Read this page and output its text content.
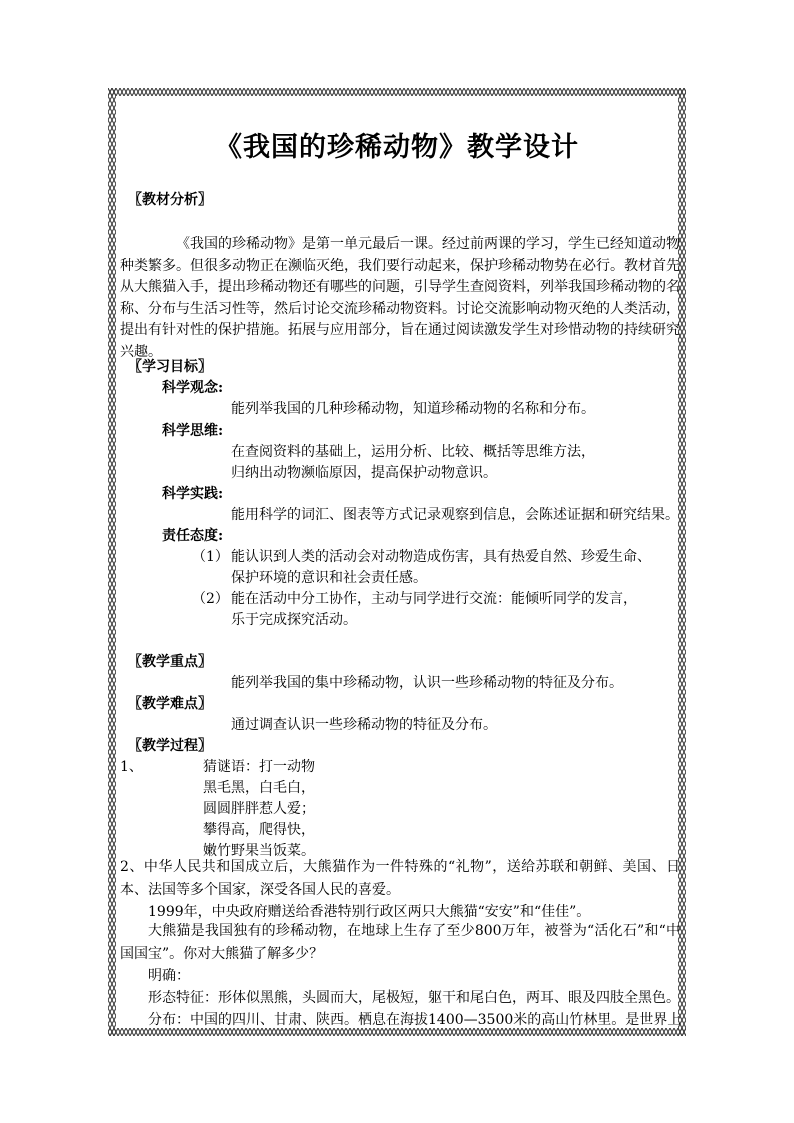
《我国的珍稀动物》教学设计
〖教材分析〗
《我国的珍稀动物》是第一单元最后一课。经过前两课的学习，学生已经知道动物种类繁多。但很多动物正在濒临灭绝，我们要行动起来，保护珍稀动物势在必行。教材首先从大熊猫入手，提出珍稀动物还有哪些的问题，引导学生查阅资料，列举我国珍稀动物的名称、分布与生活习性等，然后讨论交流珍稀动物资料。讨论交流影响动物灭绝的人类活动，提出有针对性的保护措施。拓展与应用部分，旨在通过阅读激发学生对珍惜动物的持续研究兴趣。
〖学习目标〗
科学观念:
能列举我国的几种珍稀动物，知道珍稀动物的名称和分布。
科学思维:
在查阅资料的基础上，运用分析、比较、概括等思维方法，
归纳出动物濒临原因，提高保护动物意识。
科学实践:
能用科学的词汇、图表等方式记录观察到信息，会陈述证据和研究结果。
责任态度:
（1） 能认识到人类的活动会对动物造成伤害，具有热爱自然、珍爱生命、
保护环境的意识和社会责任感。
（2） 能在活动中分工协作，主动与同学进行交流：能倾听同学的发言，
乐于完成探究活动。
〖教学重点〗
能列举我国的集中珍稀动物，认识一些珍稀动物的特征及分布。
〖教学难点〗
通过调查认识一些珍稀动物的特征及分布。
〖教学过程〗
1、	猜谜语：打一动物
黑毛黑，白毛白，
圆圆胖胖惹人爱；
攀得高，爬得快，
嫩竹野果当饭菜。
2、中华人民共和国成立后，大熊猫作为一件特殊的“礼物”，送给苏联和朝鲜、美国、日本、法国等多个国家，深受各国人民的喜爱。
1999年，中央政府赠送给香港特别行政区两只大熊猫“安安”和“佳佳”。
大熊猫是我国独有的珍稀动物，在地球上生存了至少800万年，被誉为“活化石”和“中国国宝”。你对大熊猫了解多少？
明确：
形态特征：形体似黑熊，头圆而大，尾极短，躯干和尾白色，两耳、眼及四肢全黑色。
分布：中国的四川、甘肃、陕西。栖息在海拔1400—3500米的高山竹林里。是世界上
